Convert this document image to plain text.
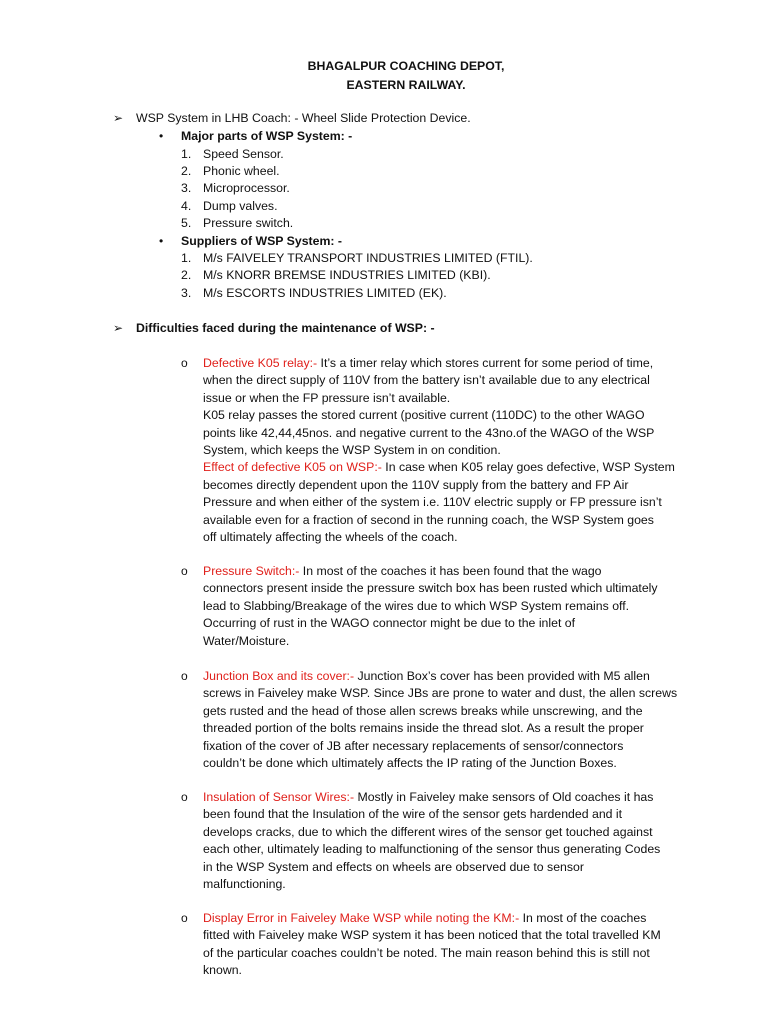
BHAGALPUR COACHING DEPOT,
EASTERN RAILWAY.
➢ WSP System in LHB Coach: - Wheel Slide Protection Device.
• Major parts of WSP System: -
1. Speed Sensor.
2. Phonic wheel.
3. Microprocessor.
4. Dump valves.
5. Pressure switch.
• Suppliers of WSP System: -
1. M/s FAIVELEY TRANSPORT INDUSTRIES LIMITED (FTIL).
2. M/s KNORR BREMSE INDUSTRIES LIMITED (KBI).
3. M/s ESCORTS INDUSTRIES LIMITED (EK).
➢ Difficulties faced during the maintenance of WSP: -
o Defective K05 relay:- It’s a timer relay which stores current for some period of time,
when the direct supply of 110V from the battery isn’t available due to any electrical
issue or when the FP pressure isn’t available.
K05 relay passes the stored current (positive current (110DC) to the other WAGO
points like 42,44,45nos. and negative current to the 43no.of the WAGO of the WSP
System, which keeps the WSP System in on condition.
Effect of defective K05 on WSP:- In case when K05 relay goes defective, WSP System
becomes directly dependent upon the 110V supply from the battery and FP Air
Pressure and when either of the system i.e. 110V electric supply or FP pressure isn’t
available even for a fraction of second in the running coach, the WSP System goes
off ultimately affecting the wheels of the coach.
o Pressure Switch:- In most of the coaches it has been found that the wago
connectors present inside the pressure switch box has been rusted which ultimately
lead to Slabbing/Breakage of the wires due to which WSP System remains off.
Occurring of rust in the WAGO connector might be due to the inlet of
Water/Moisture.
o Junction Box and its cover:- Junction Box’s cover has been provided with M5 allen
screws in Faiveley make WSP. Since JBs are prone to water and dust, the allen screws
gets rusted and the head of those allen screws breaks while unscrewing, and the
threaded portion of the bolts remains inside the thread slot. As a result the proper
fixation of the cover of JB after necessary replacements of sensor/connectors
couldn’t be done which ultimately affects the IP rating of the Junction Boxes.
o Insulation of Sensor Wires:- Mostly in Faiveley make sensors of Old coaches it has
been found that the Insulation of the wire of the sensor gets hardended and it
develops cracks, due to which the different wires of the sensor get touched against
each other, ultimately leading to malfunctioning of the sensor thus generating Codes
in the WSP System and effects on wheels are observed due to sensor
malfunctioning.
o Display Error in Faiveley Make WSP while noting the KM:- In most of the coaches
fitted with Faiveley make WSP system it has been noticed that the total travelled KM
of the particular coaches couldn’t be noted. The main reason behind this is still not
known.
